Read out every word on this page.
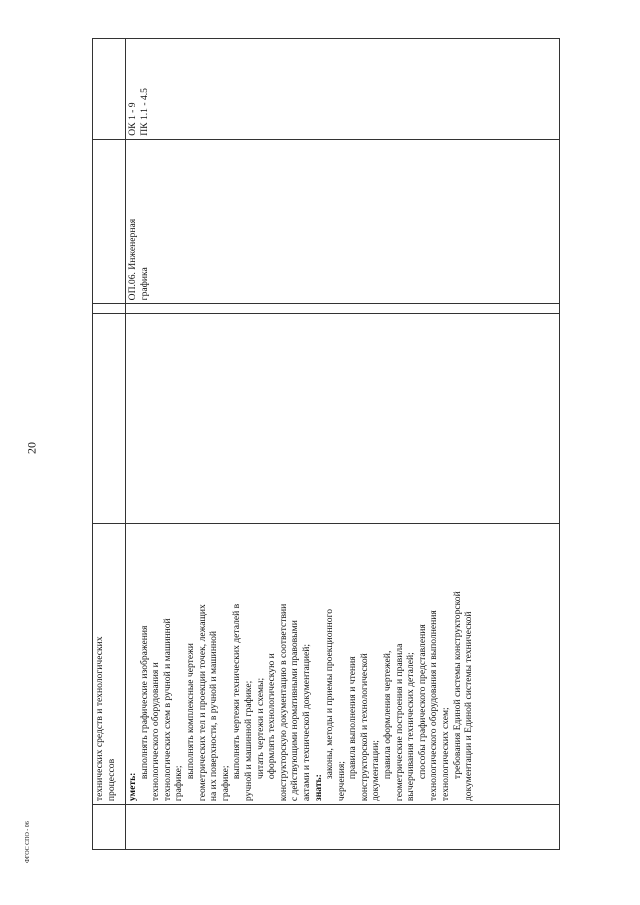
20
технических средств и технологических процессов уметь:
выполнять графические изображения технологического оборудования и технологических схем в ручной и машинной графике;
выполнять комплексные чертежи геометрических тел и проекции точек, лежащих на их поверхности, в ручной и машинной графике;
выполнять чертежи технических деталей в ручной и машинной графике; читать чертежи и схемы; оформлять технологическую и конструкторскую документацию в соответствии с действующими нормативными правовыми актами и технической документацией; знать:
законы, методы и приемы проекционного
черчения;
правила выполнения и чтения конструкторской и технологической документации; правила оформления чертежей, геометрические построения и правила вычерчивания технических деталей; способы графического представления технологического оборудования и выполнения технологических схем; требования Единой системы конструкторской документации и Единой системы технической
ОП.06. Инженерная графика
ОК 1 - 9 ПК 1.1 - 4.5
ФГОС СПО - 06
